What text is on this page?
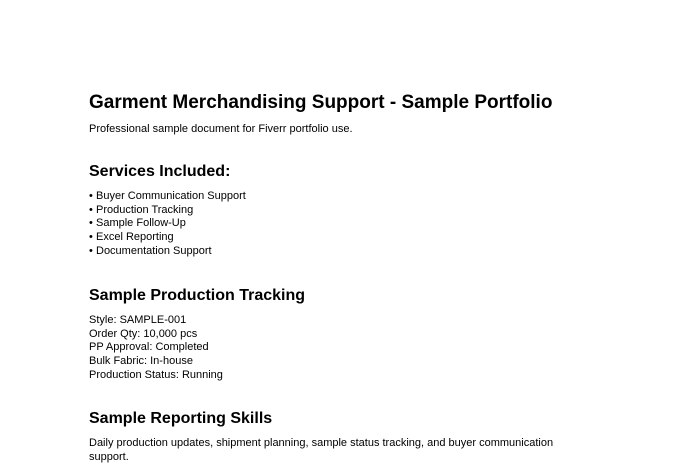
Garment Merchandising Support - Sample Portfolio

Professional sample document for Fiverr portfolio use.

Services Included:
• Buyer Communication Support
• Production Tracking
• Sample Follow-Up
• Excel Reporting
• Documentation Support
Sample Production Tracking
Style: SAMPLE-001
Order Qty: 10,000 pcs
PP Approval: Completed
Bulk Fabric: In-house
Production Status: Running
Sample Reporting Skills

Daily production updates, shipment planning, sample status tracking, and buyer communication support.
